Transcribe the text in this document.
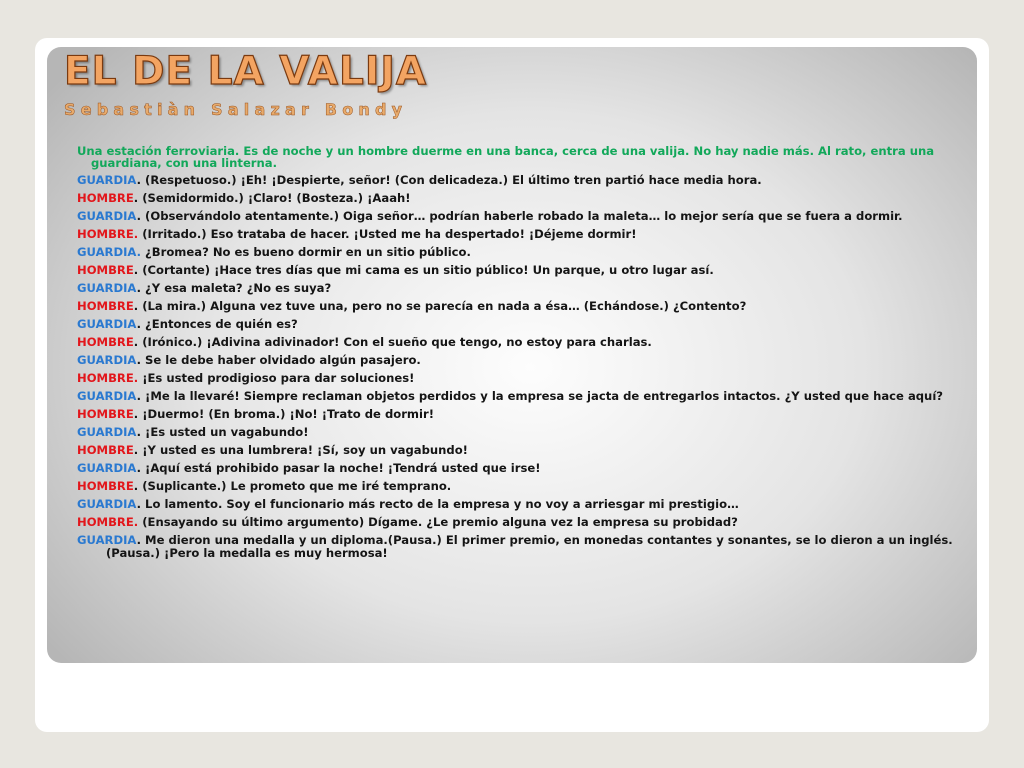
EL DE LA VALIJA
Sebastiàn Salazar Bondy

Una estación ferroviaria. Es de noche y un hombre duerme en una banca, cerca de una valija. No hay nadie más. Al rato, entra una guardiana, con una linterna.

GUARDIA. (Respetuoso.) ¡Eh! ¡Despierte, señor! (Con delicadeza.) El último tren partió hace media hora.

HOMBRE. (Semidormido.) ¡Claro! (Bosteza.) ¡Aaah!

GUARDIA. (Observándolo atentamente.) Oiga señor… podrían haberle robado la maleta… lo mejor sería que se fuera a dormir.

HOMBRE. (Irritado.) Eso trataba de hacer. ¡Usted me ha despertado! ¡Déjeme dormir!

GUARDIA. ¿Bromea? No es bueno dormir en un sitio público.

HOMBRE. (Cortante) ¡Hace tres días que mi cama es un sitio público! Un parque, u otro lugar así.

GUARDIA. ¿Y esa maleta? ¿No es suya?

HOMBRE. (La mira.) Alguna vez tuve una, pero no se parecía en nada a ésa… (Echándose.) ¿Contento?

GUARDIA. ¿Entonces de quién es?

HOMBRE. (Irónico.) ¡Adivina adivinador! Con el sueño que tengo, no estoy para charlas.

GUARDIA. Se le debe haber olvidado algún pasajero.

HOMBRE. ¡Es usted prodigioso para dar soluciones!

GUARDIA. ¡Me la llevaré! Siempre reclaman objetos perdidos y la empresa se jacta de entregarlos intactos. ¿Y usted que hace aquí?

HOMBRE. ¡Duermo! (En broma.) ¡No! ¡Trato de dormir!

GUARDIA. ¡Es usted un vagabundo!

HOMBRE. ¡Y usted es una lumbrera! ¡Sí, soy un vagabundo!

GUARDIA. ¡Aquí está prohibido pasar la noche! ¡Tendrá usted que irse!

HOMBRE. (Suplicante.) Le prometo que me iré temprano.

GUARDIA. Lo lamento. Soy el funcionario más recto de la empresa y no voy a arriesgar mi prestigio…

HOMBRE. (Ensayando su último argumento) Dígame. ¿Le premio alguna vez la empresa su probidad?

GUARDIA. Me dieron una medalla y un diploma.(Pausa.) El primer premio, en monedas contantes y sonantes, se lo dieron a un inglés. (Pausa.) ¡Pero la medalla es muy hermosa!
